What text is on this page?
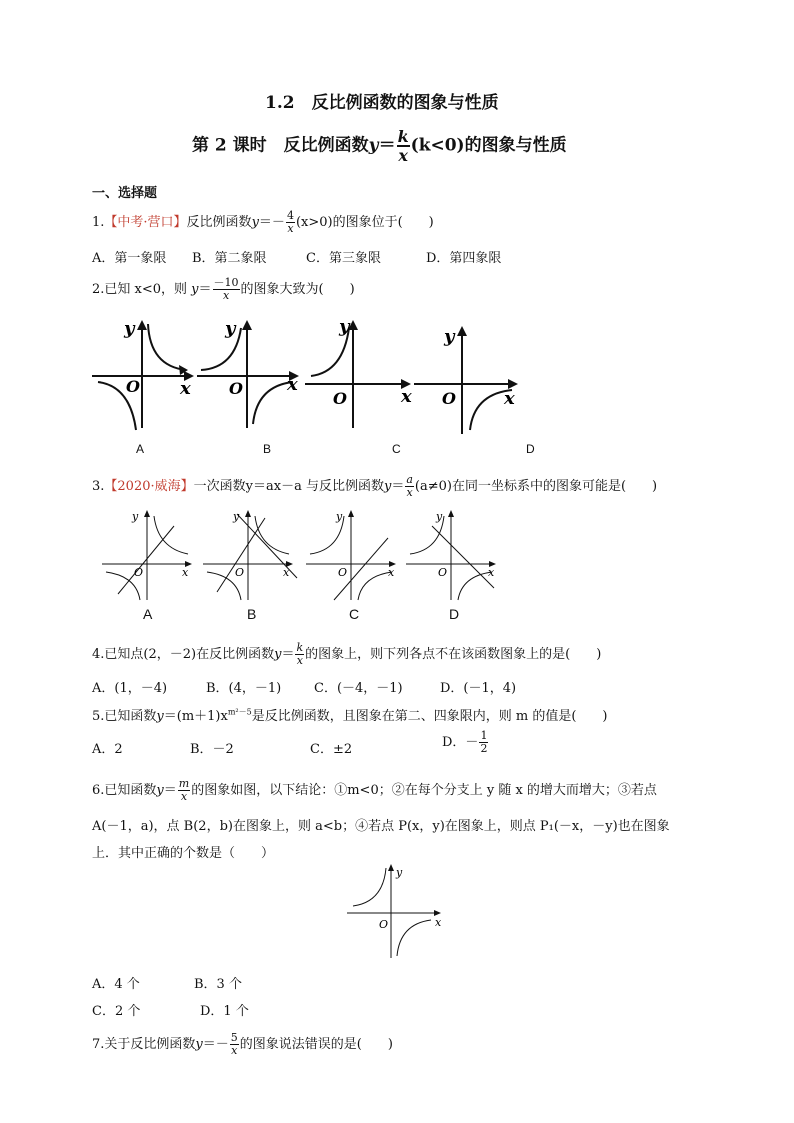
1.2　反比例函数的图象与性质
第 2 课时　反比例函数$y= \frac{k}{x} (k<0)$的图象与性质
一、选择题
1.【中考·营口】反比例函数$y=- \frac{4}{x} (x>0)$的图象位于(　　)
A．第一象限 B．第二象限	C．第三象限	D．第四象限
2.已知 x<0，则 $y= \frac{-10}{x}$ 的图象大致为(　　)
y
O x
y
O x
y
O	x
y
O	x
A	B	C	D
3.【2020·威海】一次函数y＝ax－a 与反比例函数$y= \frac{a}{x} (a\ne 0)$在同一坐标系中的图象可能是(　　)
y
O	x
y
O	x
y
O	x
y
O	x
A	B	C	D
4.已知点(2，－2)在反比例函数$y= \frac{k}{x}$ 的图象上，则下列各点不在该函数图象上的是(　　)
A．(1，－4)	B．(4，－1)	C．(－4，－1)	D．(－1，4)
5.已知函数$y=(m+1)x^{m^2-5}$是反比例函数，且图象在第二、四象限内，则 m 的值是(　　)
A．2	B．－2	C．±2	D．－ $\frac{1}{2}$
6.已知函数$y= \frac{m}{x}$ 的图象如图，以下结论：①m<0；②在每个分支上 y 随 x 的增大而增大；③若点
A(－1，a)，点 B(2，b)在图象上，则 a<b；④若点 P(x，y)在图象上，则点 P₁(－x，－y)也在图象
上．其中正确的个数是（　　）
y
O	x
A．4 个	B．3 个
C．2 个	D．1 个
7.关于反比例函数$y=- \frac{5}{x}$ 的图象说法错误的是(　　)
